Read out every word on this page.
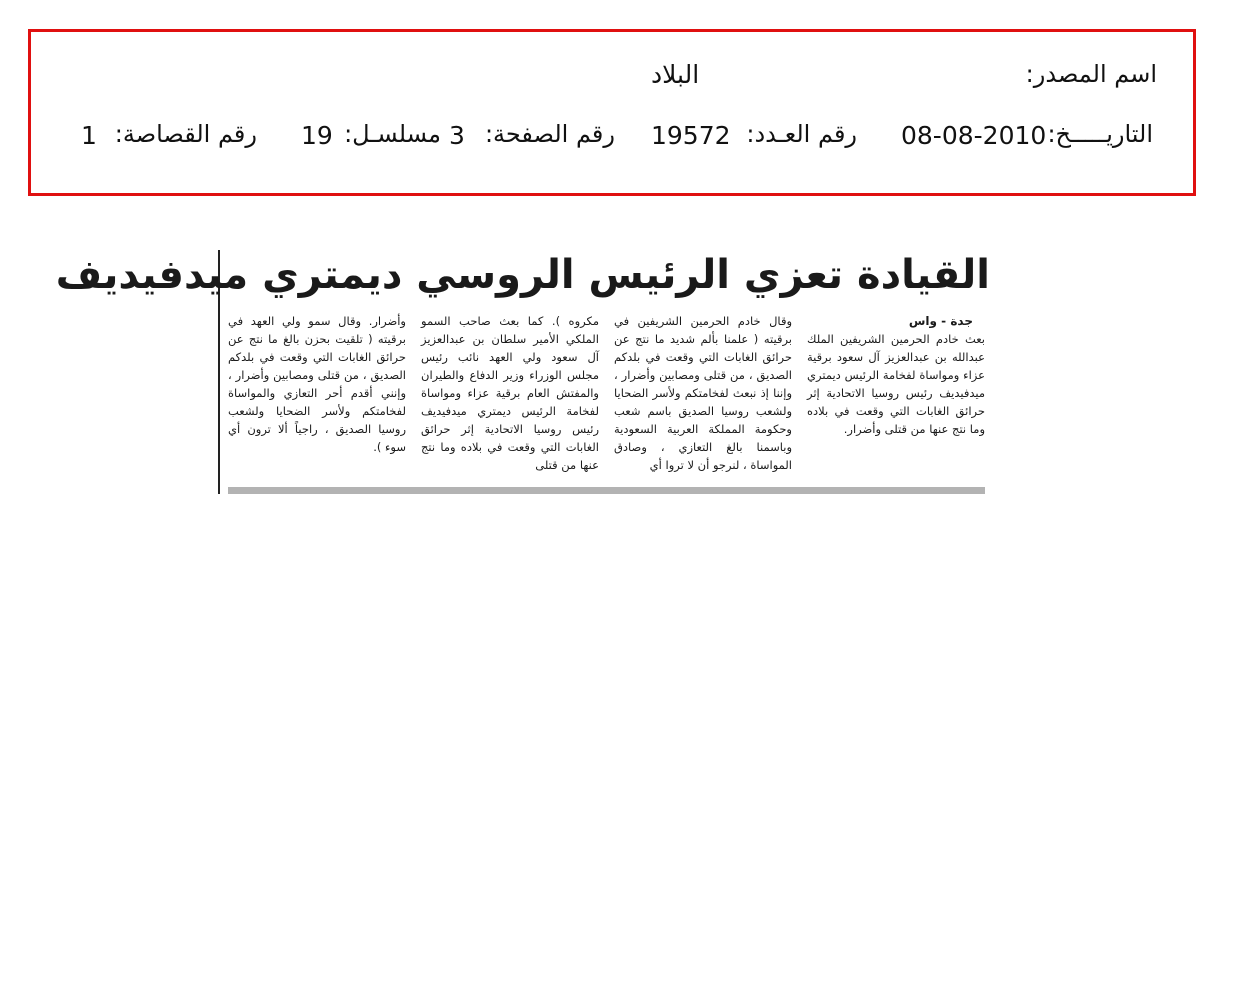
اسم المصدر:
البلاد
التاريـــــخ:
08-08-2010
رقم العـدد:
19572
رقم الصفحة:
3
مسلسـل:
19
رقم القصاصة:
1
القيادة تعزي الرئيس الروسي ديمتري ميدفيديف

جدة - واس

بعث خادم الحرمين الشريفين الملك عبدالله بن عبدالعزيز آل سعود برقية عزاء ومواساة لفخامة الرئيس ديمتري ميدفيديف رئيس روسيا الاتحادية إثر حرائق الغابات التي وقعت في بلاده وما نتج عنها من قتلى وأضرار.

وقال خادم الحرمين الشريفين في برقيته ( علمنا بألم شديد ما نتج عن حرائق الغابات التي وقعت في بلدكم الصديق ، من قتلى ومصابين وأضرار ، وإننا إذ نبعث لفخامتكم ولأسر الضحايا ولشعب روسيا الصديق باسم شعب وحكومة المملكة العربية السعودية وباسمنا بالغ التعازي ، وصادق المواساة ، لنرجو أن لا تروا أي

مكروه ). كما بعث صاحب السمو الملكي الأمير سلطان بن عبدالعزيز آل سعود ولي العهد نائب رئيس مجلس الوزراء وزير الدفاع والطيران والمفتش العام برقية عزاء ومواساة لفخامة الرئيس ديمتري ميدفيديف رئيس روسيا الاتحادية إثر حرائق الغابات التي وقعت في بلاده وما نتج عنها من قتلى

وأضرار. وقال سمو ولي العهد في برقيته ( تلقيت بحزن بالغ ما نتج عن حرائق الغابات التي وقعت في بلدكم الصديق ، من قتلى ومصابين وأضرار ، وإنني أقدم أحر التعازي والمواساة لفخامتكم ولأسر الضحايا ولشعب روسيا الصديق ، راجياً ألا ترون أي سوء ).
